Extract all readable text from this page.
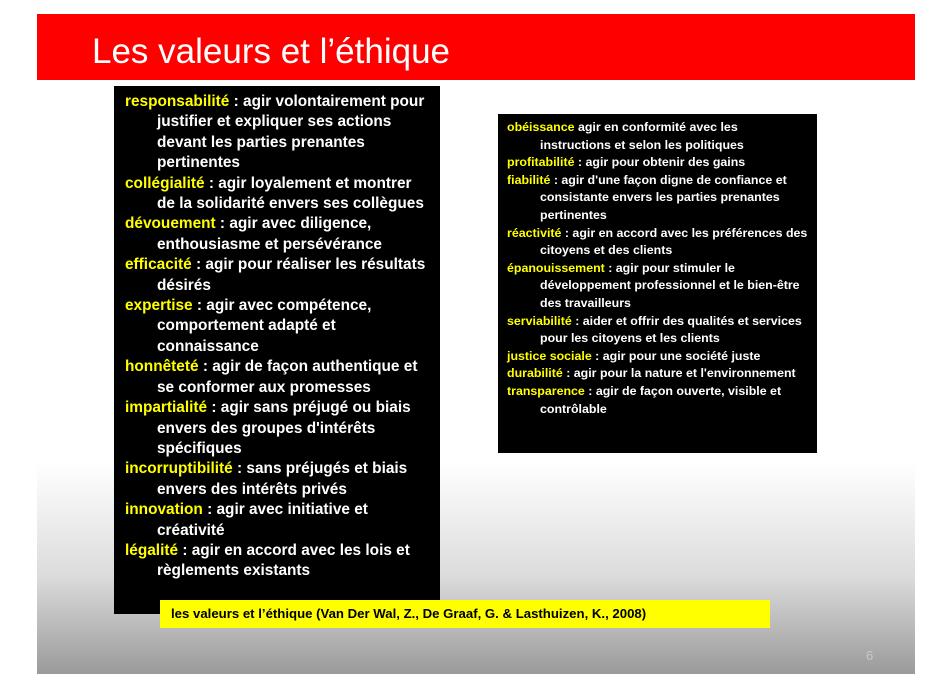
Les valeurs et l’éthique
responsabilité : agir volontairement pour justifier et expliquer ses actions devant les parties prenantes pertinentes
collégialité : agir loyalement et montrer de la solidarité envers ses collègues
dévouement : agir avec diligence, enthousiasme et persévérance
efficacité : agir pour réaliser les résultats désirés
expertise : agir avec compétence, comportement adapté et connaissance
honnêteté : agir de façon authentique et se conformer aux promesses
impartialité : agir sans préjugé ou biais envers des groupes d'intérêts spécifiques
incorruptibilité : sans préjugés et biais envers des intérêts privés
innovation : agir avec initiative et créativité
légalité : agir en accord avec les lois et règlements existants
obéissance agir en conformité avec les instructions et selon les politiques
profitabilité : agir pour obtenir des gains
fiabilité : agir d'une façon digne de confiance et consistante envers les parties prenantes pertinentes
réactivité : agir en accord avec les préférences des citoyens et des clients
épanouissement : agir pour stimuler le développement professionnel et le bien-être des travailleurs
serviabilité : aider et offrir des qualités et services pour les citoyens et les clients
justice sociale : agir pour une société juste
durabilité : agir pour la nature et l'environnement
transparence : agir de façon ouverte, visible et contrôlable
les valeurs et l’éthique (Van Der Wal, Z., De Graaf, G. & Lasthuizen, K., 2008)
6
